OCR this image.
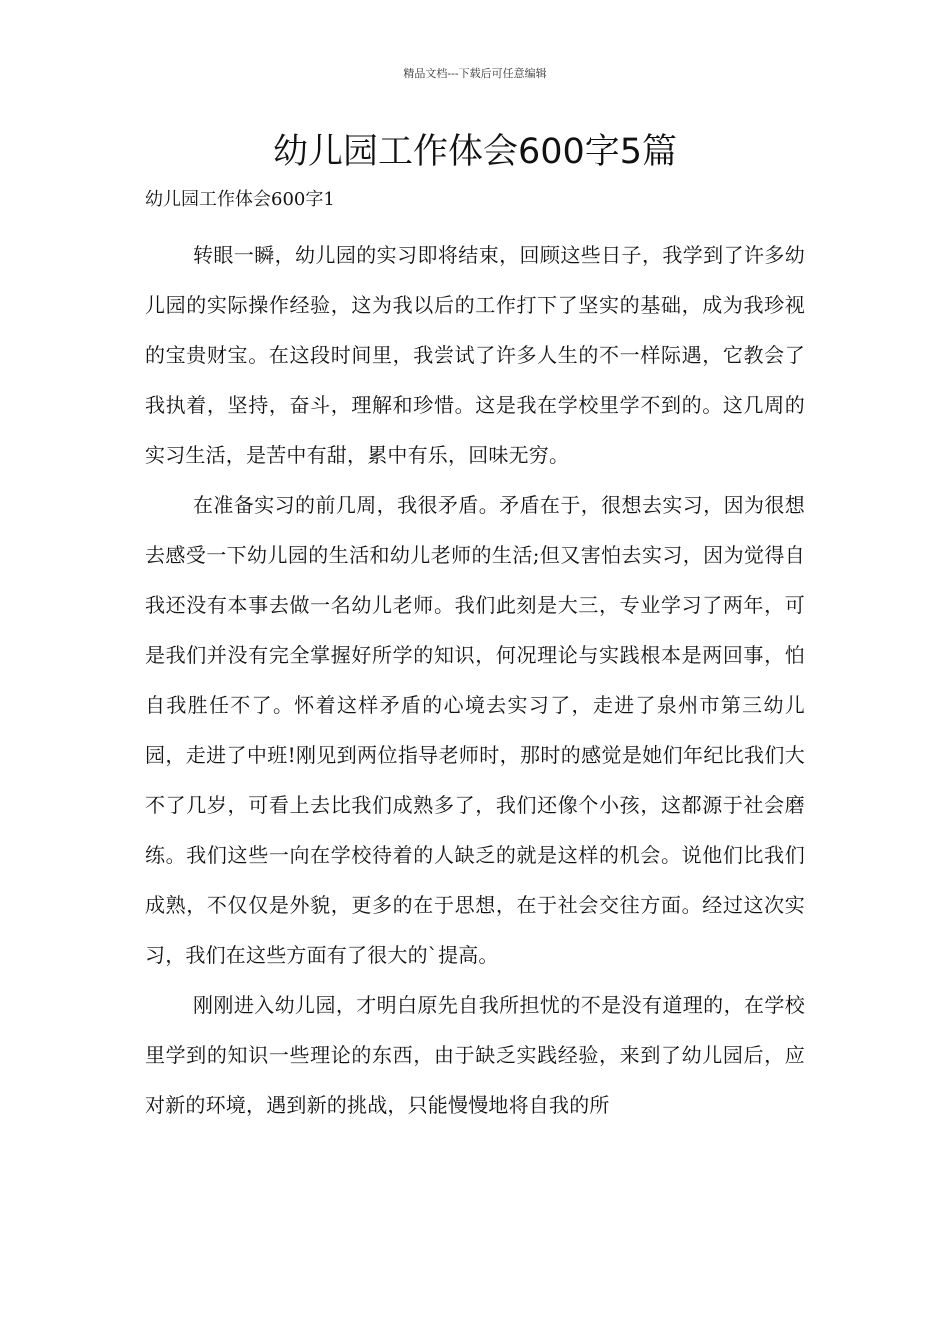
精品文档---下载后可任意编辑
幼儿园工作体会600字5篇

幼儿园工作体会600字1

转眼一瞬，幼儿园的实习即将结束，回顾这些日子，我学到了许多幼儿园的实际操作经验，这为我以后的工作打下了坚实的基础，成为我珍视的宝贵财宝。在这段时间里，我尝试了许多人生的不一样际遇，它教会了我执着，坚持，奋斗，理解和珍惜。这是我在学校里学不到的。这几周的实习生活，是苦中有甜，累中有乐，回味无穷。

在准备实习的前几周，我很矛盾。矛盾在于，很想去实习，因为很想去感受一下幼儿园的生活和幼儿老师的生活;但又害怕去实习，因为觉得自我还没有本事去做一名幼儿老师。我们此刻是大三，专业学习了两年，可是我们并没有完全掌握好所学的知识，何况理论与实践根本是两回事，怕自我胜任不了。怀着这样矛盾的心境去实习了，走进了泉州市第三幼儿园，走进了中班!刚见到两位指导老师时，那时的感觉是她们年纪比我们大不了几岁，可看上去比我们成熟多了，我们还像个小孩，这都源于社会磨练。我们这些一向在学校待着的人缺乏的就是这样的机会。说他们比我们成熟，不仅仅是外貌，更多的在于思想，在于社会交往方面。经过这次实习，我们在这些方面有了很大的`提高。

刚刚进入幼儿园，才明白原先自我所担忧的不是没有道理的，在学校里学到的知识一些理论的东西，由于缺乏实践经验，来到了幼儿园后，应对新的环境，遇到新的挑战，只能慢慢地将自我的所
